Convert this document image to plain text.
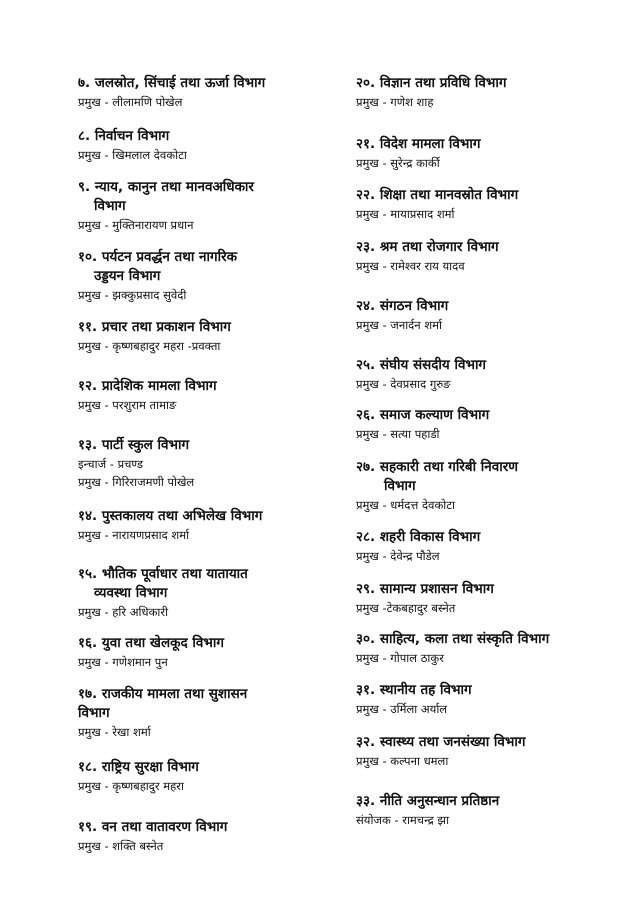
७. जलस्रोत, सिंचाई तथा ऊर्जा विभाग

प्रमुख - लीलामणि पोखेल

८. निर्वाचन विभाग

प्रमुख - खिमलाल देवकोटा

९. न्याय, कानुन तथा मानवअधिकार
विभाग

प्रमुख - मुक्तिनारायण प्रधान

१०. पर्यटन प्रवर्द्धन तथा नागरिक
उड्डयन विभाग

प्रमुख - झक्कुप्रसाद सुवेदी

११. प्रचार तथा प्रकाशन विभाग

प्रमुख - कृष्णबहादुर महरा -प्रवक्ता

१२. प्रादेशिक मामला विभाग

प्रमुख - परशुराम तामाङ

१३. पार्टी स्कुल विभाग

इन्चार्ज - प्रचण्ड

प्रमुख - गिरिराजमणी पोखेल

१४. पुस्तकालय तथा अभिलेख विभाग

प्रमुख - नारायणप्रसाद शर्मा

१५. भौतिक पूर्वाधार तथा यातायात
व्यवस्था विभाग

प्रमुख - हरि अधिकारी

१६. युवा तथा खेलकूद विभाग

प्रमुख - गणेशमान पुन

१७. राजकीय मामला तथा सुशासन
विभाग

प्रमुख - रेखा शर्मा

१८. राष्ट्रिय सुरक्षा विभाग

प्रमुख - कृष्णबहादुर महरा

१९. वन तथा वातावरण विभाग

प्रमुख - शक्ति बस्नेत

२०. विज्ञान तथा प्रविधि विभाग

प्रमुख - गणेश शाह

२१. विदेश मामला विभाग

प्रमुख - सुरेन्द्र कार्की

२२. शिक्षा तथा मानवस्रोत विभाग

प्रमुख - मायाप्रसाद शर्मा

२३. श्रम तथा रोजगार विभाग

प्रमुख - रामेश्वर राय यादव

२४. संगठन विभाग

प्रमुख - जनार्दन शर्मा

२५. संघीय संसदीय विभाग

प्रमुख - देवप्रसाद गुरुङ

२६. समाज कल्याण विभाग

प्रमुख - सत्या पहाडी

२७. सहकारी तथा गरिबी निवारण
विभाग

प्रमुख - धर्मदत्त देवकोटा

२८. शहरी विकास विभाग

प्रमुख - देवेन्द्र पौडेल

२९. सामान्य प्रशासन विभाग

प्रमुख -टेकबहादुर बस्नेत

३०. साहित्य, कला तथा संस्कृति विभाग

प्रमुख - गोपाल ठाकुर

३१. स्थानीय तह विभाग

प्रमुख - उर्मिला अर्याल

३२. स्वास्थ्य तथा जनसंख्या विभाग

प्रमुख - कल्पना धमला

३३. नीति अनुसन्धान प्रतिष्ठान

संयोजक - रामचन्द्र झा
